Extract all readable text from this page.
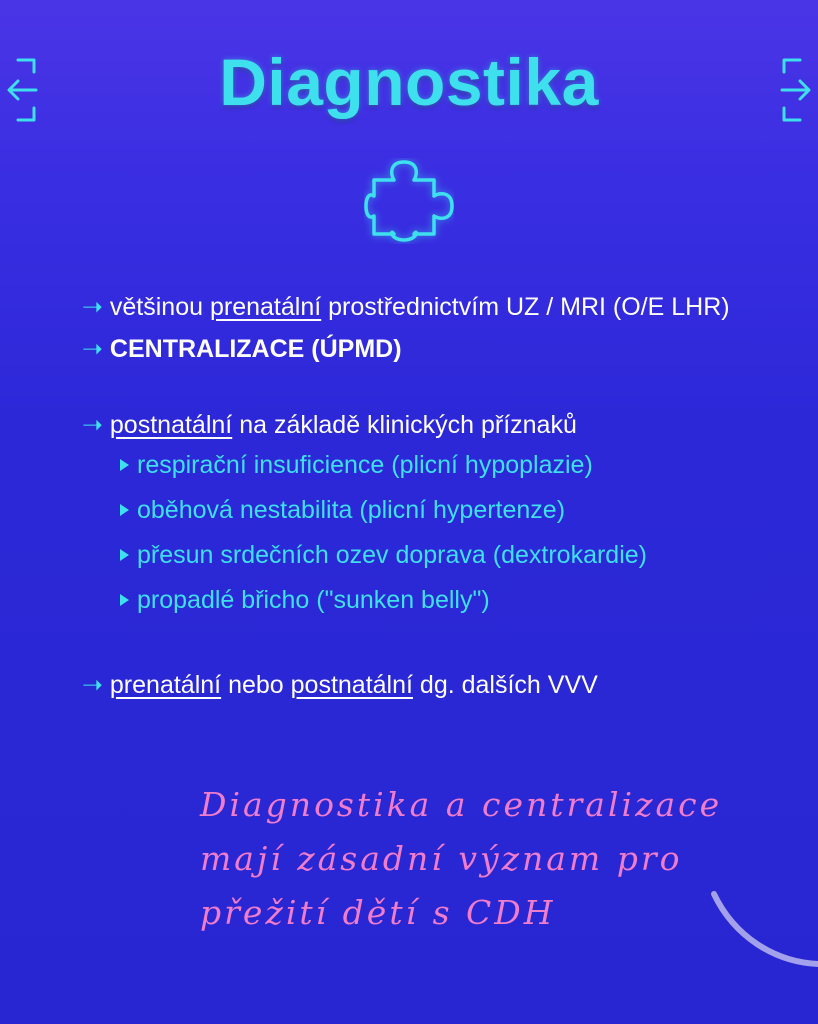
Diagnostika
➝ většinou prenatální prostřednictvím UZ / MRI (O/E LHR) ➝ CENTRALIZACE (ÚPMD)
➝ postnatální na základě klinických příznaků
respirační insuficience (plicní hypoplazie)
oběhová nestabilita (plicní hypertenze)
přesun srdečních ozev doprava (dextrokardie)
propadlé břicho ("sunken belly")
➝ prenatální nebo postnatální dg. dalších VVV
Diagnostika a centralizace
mají zásadní význam pro
přežití dětí s CDH
